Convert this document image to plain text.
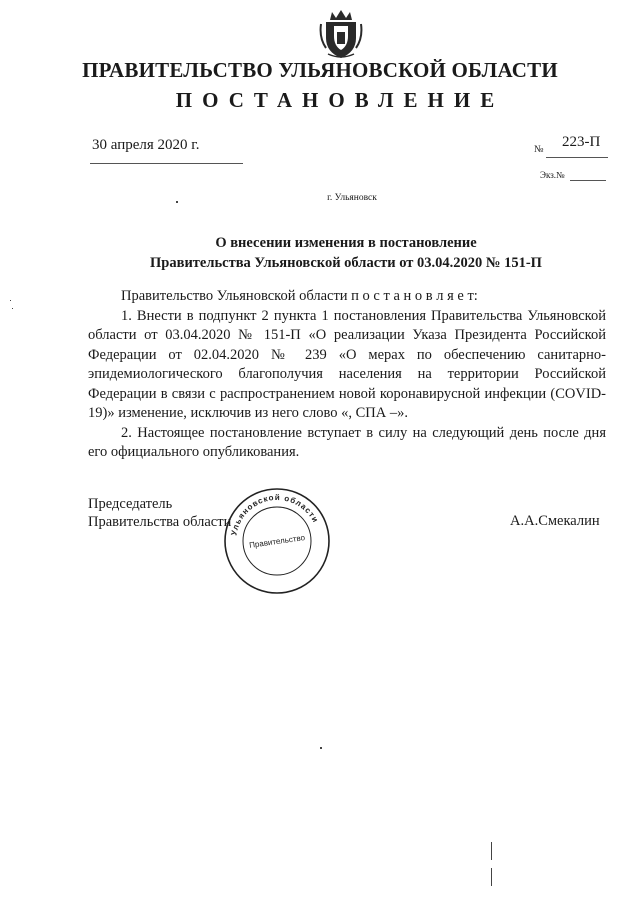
ПРАВИТЕЛЬСТВО УЛЬЯНОВСКОЙ ОБЛАСТИ
ПОСТАНОВЛЕНИЕ
30 апреля 2020 г.	№ 223-П
Экз.№
г. Ульяновск
О внесении изменения в постановление
Правительства Ульяновской области от 03.04.2020 № 151-П

Правительство Ульяновской области п о с т а н о в л я е т:

1. Внести в подпункт 2 пункта 1 постановления Правительства Ульяновской области от 03.04.2020 № 151-П «О реализации Указа Президента Российской Федерации от 02.04.2020 № 239 «О мерах по обеспечению санитарно-эпидемиологического благополучия населения на территории Российской Федерации в связи с распространением новой коронавирусной инфекции (COVID-19)» изменение, исключив из него слово «, СПА –».

2. Настоящее постановление вступает в силу на следующий день после дня его официального опубликования.

Председатель
Правительства области	А.А.Смекалин
Ульяновской области
Правительство
